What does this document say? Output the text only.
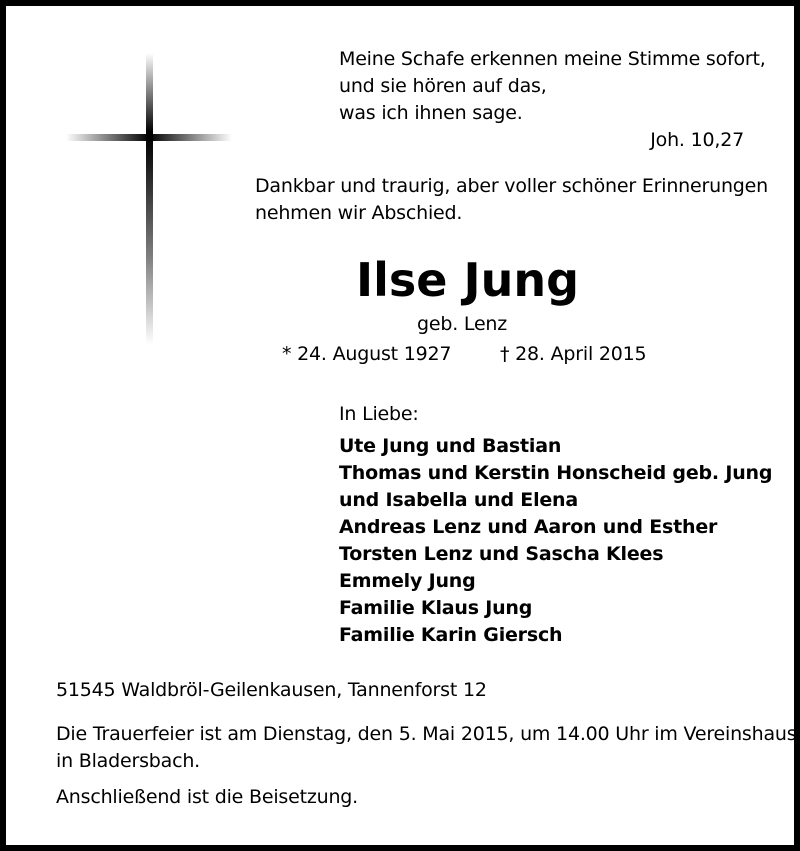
Meine Schafe erkennen meine Stimme sofort,
und sie hören auf das,
was ich ihnen sage.
Joh. 10,27
Dankbar und traurig, aber voller schöner Erinnerungen
nehmen wir Abschied.
Ilse Jung
geb. Lenz
* 24. August 1927	† 28. April 2015
In Liebe:
Ute Jung und Bastian
Thomas und Kerstin Honscheid geb. Jung
und Isabella und Elena
Andreas Lenz und Aaron und Esther
Torsten Lenz und Sascha Klees
Emmely Jung
Familie Klaus Jung
Familie Karin Giersch
51545 Waldbröl-Geilenkausen, Tannenforst 12
Die Trauerfeier ist am Dienstag, den 5. Mai 2015, um 14.00 Uhr im Vereinshaus
in Bladersbach.
Anschließend ist die Beisetzung.
